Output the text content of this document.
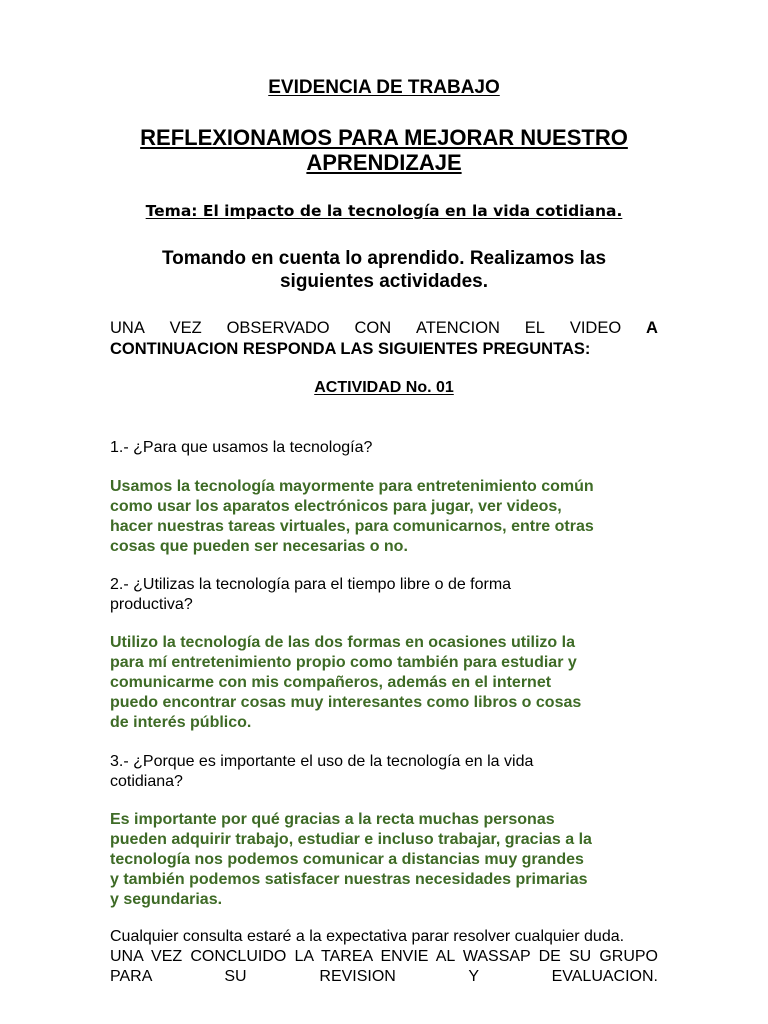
EVIDENCIA DE TRABAJO
REFLEXIONAMOS PARA MEJORAR NUESTRO
APRENDIZAJE
Tema: El impacto de la tecnología en la vida cotidiana.
Tomando en cuenta lo aprendido. Realizamos las
siguientes actividades.
UNA VEZ OBSERVADO CON ATENCION EL VIDEO A
CONTINUACION RESPONDA LAS SIGUIENTES PREGUNTAS:
ACTIVIDAD No. 01
1.- ¿Para que usamos la tecnología?
Usamos la tecnología mayormente para entretenimiento común
como usar los aparatos electrónicos para jugar, ver videos,
hacer nuestras tareas virtuales, para comunicarnos, entre otras
cosas que pueden ser necesarias o no.
2.- ¿Utilizas la tecnología para el tiempo libre o de forma
productiva?
Utilizo la tecnología de las dos formas en ocasiones utilizo la
para mí entretenimiento propio como también para estudiar y
comunicarme con mis compañeros, además en el internet
puedo encontrar cosas muy interesantes como libros o cosas
de interés público.
3.- ¿Porque es importante el uso de la tecnología en la vida
cotidiana?
Es importante por qué gracias a la recta muchas personas
pueden adquirir trabajo, estudiar e incluso trabajar, gracias a la
tecnología nos podemos comunicar a distancias muy grandes
y también podemos satisfacer nuestras necesidades primarias
y segundarias.

Cualquier consulta estaré a la expectativa parar resolver cualquier duda.

UNA VEZ CONCLUIDO LA TAREA ENVIE AL WASSAP DE SU GRUPO PARA SU REVISION Y EVALUACION.
